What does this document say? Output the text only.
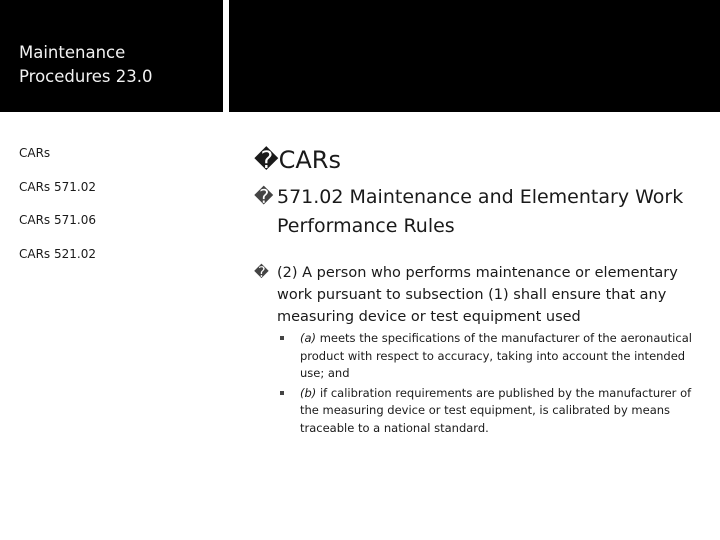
Maintenance Procedures 23.0
CARs
CARs 571.02
CARs 571.06
CARs 521.02
�CARs
� 571.02 Maintenance and Elementary Work Performance Rules
� (2) A person who performs maintenance or elementary work pursuant to subsection (1) shall ensure that any measuring device or test equipment used
(a) meets the specifications of the manufacturer of the aeronautical product with respect to accuracy, taking into account the intended use; and
(b) if calibration requirements are published by the manufacturer of the measuring device or test equipment, is calibrated by means traceable to a national standard.
